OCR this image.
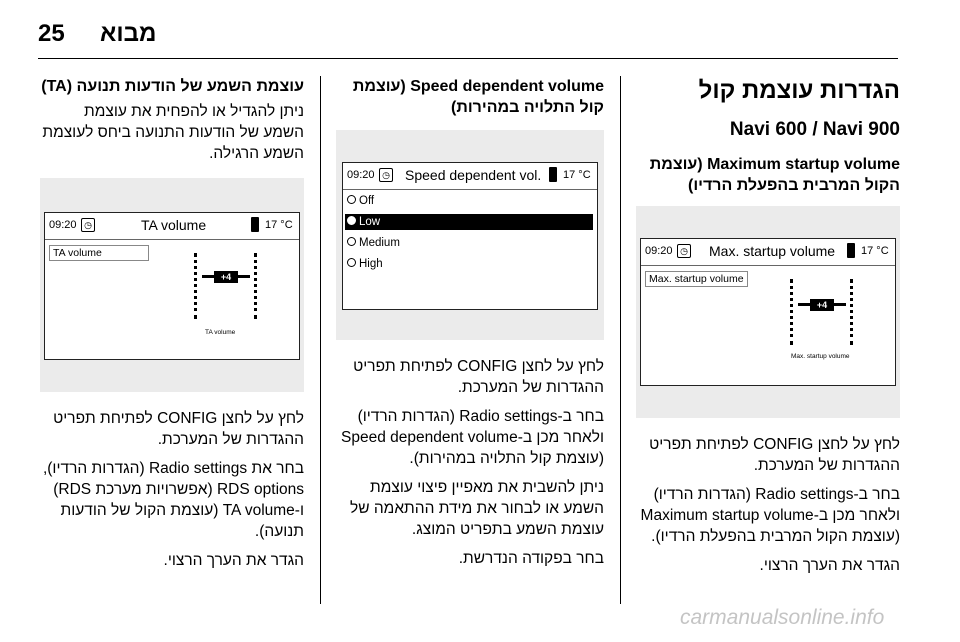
25 מבוא
הגדרות עוצמת קול
Navi 600 / Navi 900
Maximum startup volume (עוצמת הקול המרבית בהפעלת הרדיו)
09:20 ◷ Max. startup volume 17 °C
Max. startup volume
+4
Max. startup volume

לחץ על לחצן CONFIG לפתיחת תפריט ההגדרות של המערכת.

בחר ב-Radio settings (הגדרות הרדיו) ולאחר מכן ב-Maximum startup volume (עוצמת הקול המרבית בהפעלת הרדיו).

הגדר את הערך הרצוי.

Speed dependent volume (עוצמת קול התלויה במהירות)
09:20 ◷ Speed dependent vol. 17 °C
Off
Low
Medium
High

לחץ על לחצן CONFIG לפתיחת תפריט ההגדרות של המערכת.

בחר ב-Radio settings (הגדרות הרדיו) ולאחר מכן ב-Speed dependent volume (עוצמת קול התלויה במהירות).

ניתן להשבית את מאפיין פיצוי עוצמת השמע או לבחור את מידת ההתאמה של עוצמת השמע בתפריט המוצג.

בחר בפקודה הנדרשת.

עוצמת השמע של הודעות תנועה (TA)

ניתן להגדיל או להפחית את עוצמת השמע של הודעות התנועה ביחס לעוצמת השמע הרגילה.

09:20 ◷	TA volume	17 °C
TA volume
+4
TA volume

לחץ על לחצן CONFIG לפתיחת תפריט ההגדרות של המערכת.

בחר את Radio settings (הגדרות הרדיו), RDS options (אפשרויות מערכת RDS) ו-TA volume (עוצמת הקול של הודעות תנועה).

הגדר את הערך הרצוי.

carmanualsonline.info
